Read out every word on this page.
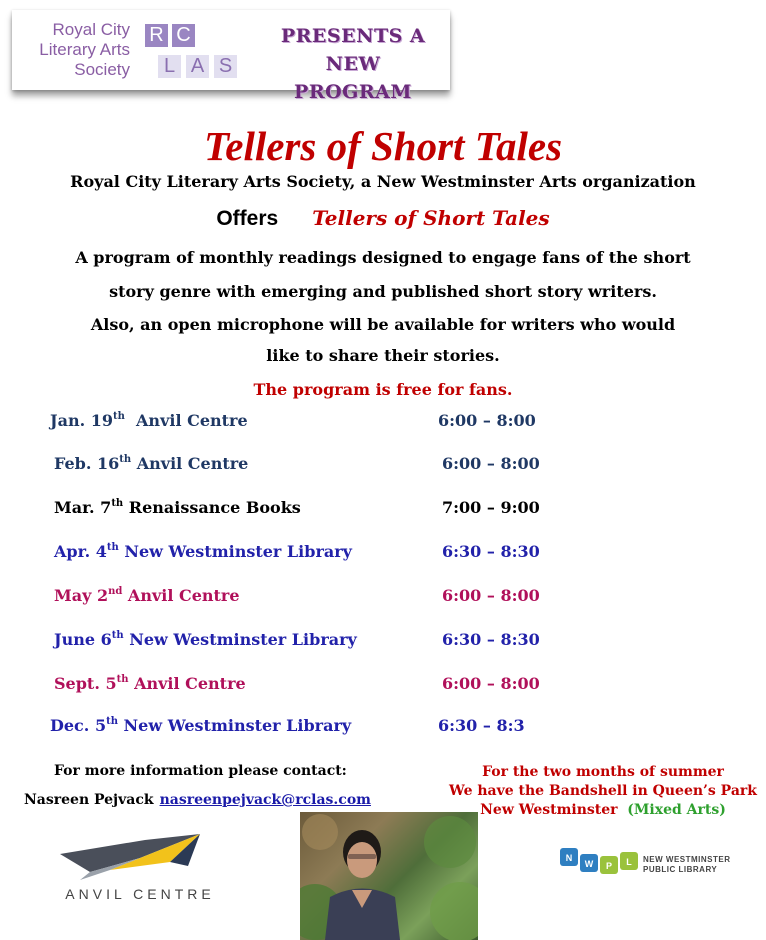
Royal City
Literary Arts
Society
R C
L A S
PRESENTS A NEW
PROGRAM
Tellers of Short Tales
Royal City Literary Arts Society, a New Westminster Arts organization
Offers Tellers of Short Tales
A program of monthly readings designed to engage fans of the short
story genre with emerging and published short story writers.
Also, an open microphone will be available for writers who would
like to share their stories.
The program is free for fans.
Jan. 19th Anvil Centre	6:00 – 8:00
Feb. 16th Anvil Centre	6:00 – 8:00
Mar. 7th Renaissance Books	7:00 – 9:00
Apr. 4th New Westminster Library	6:30 – 8:30
May 2nd Anvil Centre	6:00 – 8:00
June 6th New Westminster Library	6:30 – 8:30
Sept. 5th Anvil Centre	6:00 – 8:00
Dec. 5th New Westminster Library	6:30 – 8:3
For more information please contact:
Nasreen Pejvack nasreenpejvack@rclas.com
For the two months of summer
We have the Bandshell in Queen’s Park
New Westminster (Mixed Arts)
ANVIL CENTRE
N
W P L NEW WESTMINSTER
PUBLIC LIBRARY
